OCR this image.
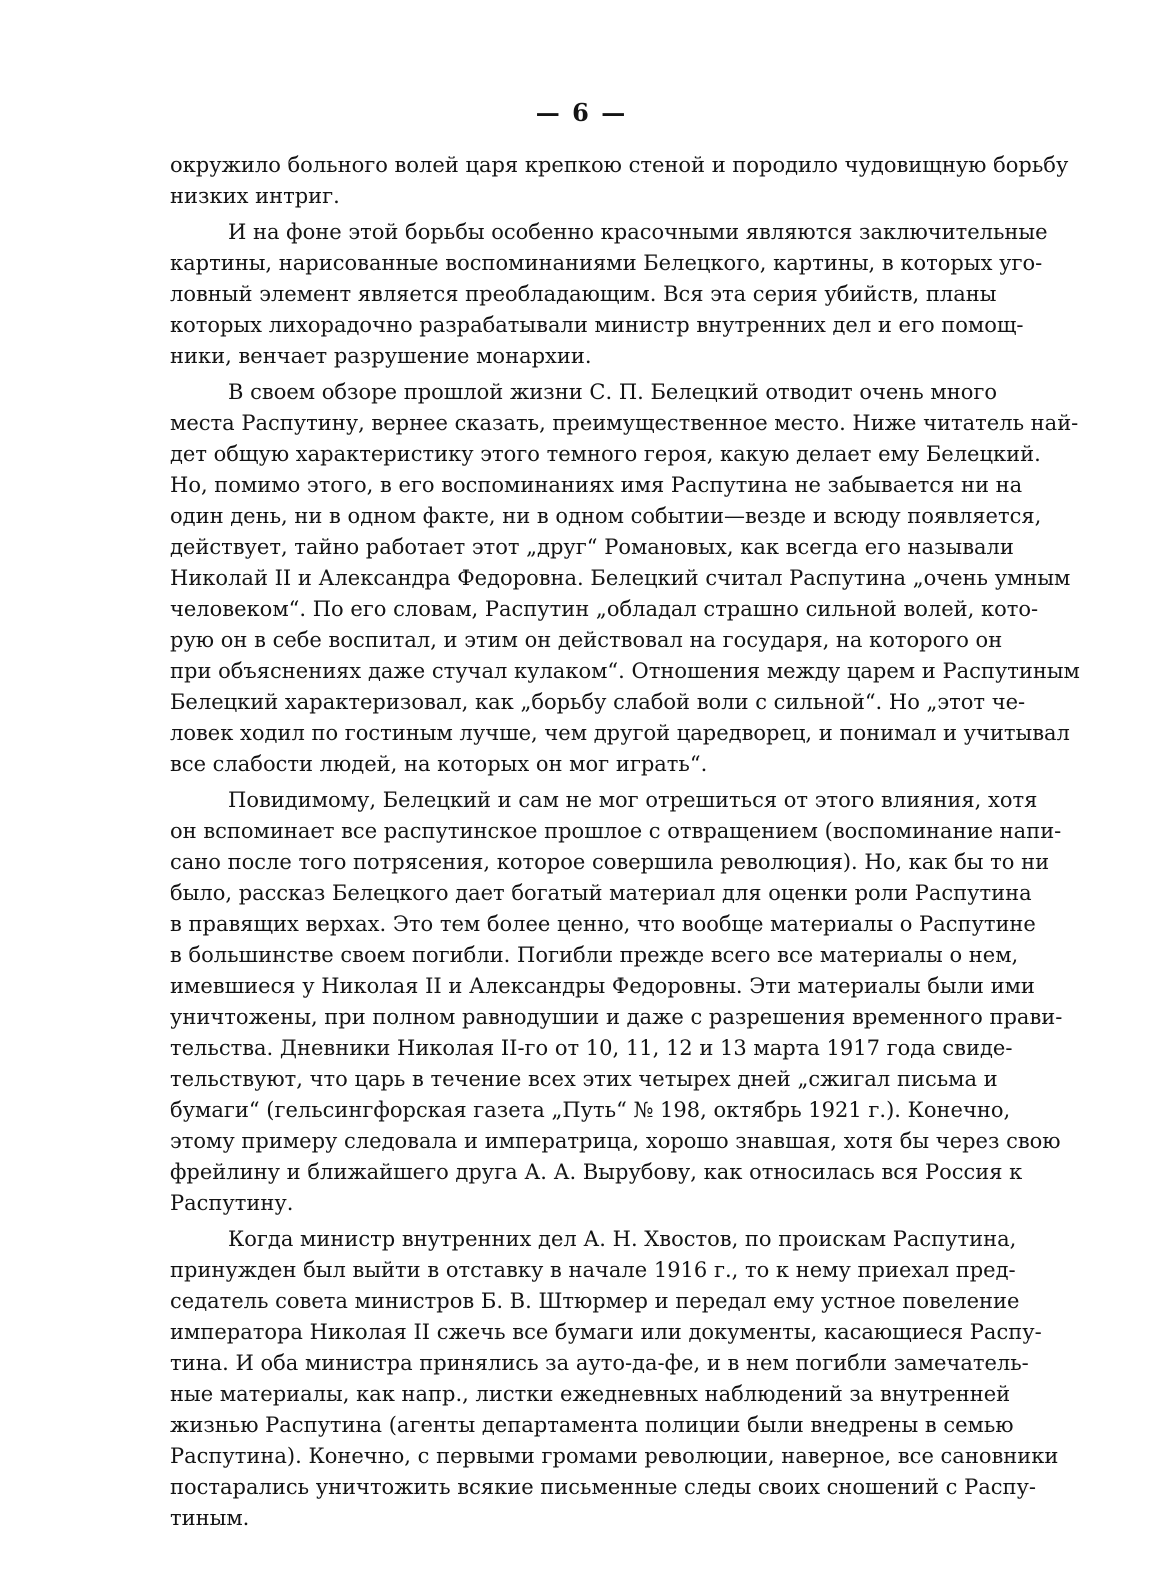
— 6 —
окружило больного волей царя крепкою стеной и породило чудовищную борьбу
низких интриг.
И на фоне этой борьбы особенно красочными являются заключительные
картины, нарисованные воспоминаниями Белецкого, картины, в которых уго-
ловный элемент является преобладающим. Вся эта серия убийств, планы
которых лихорадочно разрабатывали министр внутренних дел и его помощ-
ники, венчает разрушение монархии.
В своем обзоре прошлой жизни С. П. Белецкий отводит очень много
места Распутину, вернее сказать, преимущественное место. Ниже читатель най-
дет общую характеристику этого темного героя, какую делает ему Белецкий.
Но, помимо этого, в его воспоминаниях имя Распутина не забывается ни на
один день, ни в одном факте, ни в одном событии—везде и всюду появляется,
действует, тайно работает этот „друг“ Романовых, как всегда его называли
Николай II и Александра Федоровна. Белецкий считал Распутина „очень умным
человеком“. По его словам, Распутин „обладал страшно сильной волей, кото-
рую он в себе воспитал, и этим он действовал на государя, на которого он
при объяснениях даже стучал кулаком“. Отношения между царем и Распутиным
Белецкий характеризовал, как „борьбу слабой воли с сильной“. Но „этот че-
ловек ходил по гостиным лучше, чем другой царедворец, и понимал и учитывал
все слабости людей, на которых он мог играть“.
Повидимому, Белецкий и сам не мог отрешиться от этого влияния, хотя
он вспоминает все распутинское прошлое с отвращением (воспоминание напи-
сано после того потрясения, которое совершила революция). Но, как бы то ни
было, рассказ Белецкого дает богатый материал для оценки роли Распутина
в правящих верхах. Это тем более ценно, что вообще материалы о Распутине
в большинстве своем погибли. Погибли прежде всего все материалы о нем,
имевшиеся у Николая II и Александры Федоровны. Эти материалы были ими
уничтожены, при полном равнодушии и даже с разрешения временного прави-
тельства. Дневники Николая II-го от 10, 11, 12 и 13 марта 1917 года свиде-
тельствуют, что царь в течение всех этих четырех дней „сжигал письма и
бумаги“ (гельсингфорская газета „Путь“ № 198, октябрь 1921 г.). Конечно,
этому примеру следовала и императрица, хорошо знавшая, хотя бы через свою
фрейлину и ближайшего друга А. А. Вырубову, как относилась вся Россия к
Распутину.
Когда министр внутренних дел А. Н. Хвостов, по проискам Распутина,
принужден был выйти в отставку в начале 1916 г., то к нему приехал пред-
седатель совета министров Б. В. Штюрмер и передал ему устное повеление
императора Николая II сжечь все бумаги или документы, касающиеся Распу-
тина. И оба министра принялись за ауто-да-фе, и в нем погибли замечатель-
ные материалы, как напр., листки ежедневных наблюдений за внутренней
жизнью Распутина (агенты департамента полиции были внедрены в семью
Распутина). Конечно, с первыми громами революции, наверное, все сановники
постарались уничтожить всякие письменные следы своих сношений с Распу-
тиным.
